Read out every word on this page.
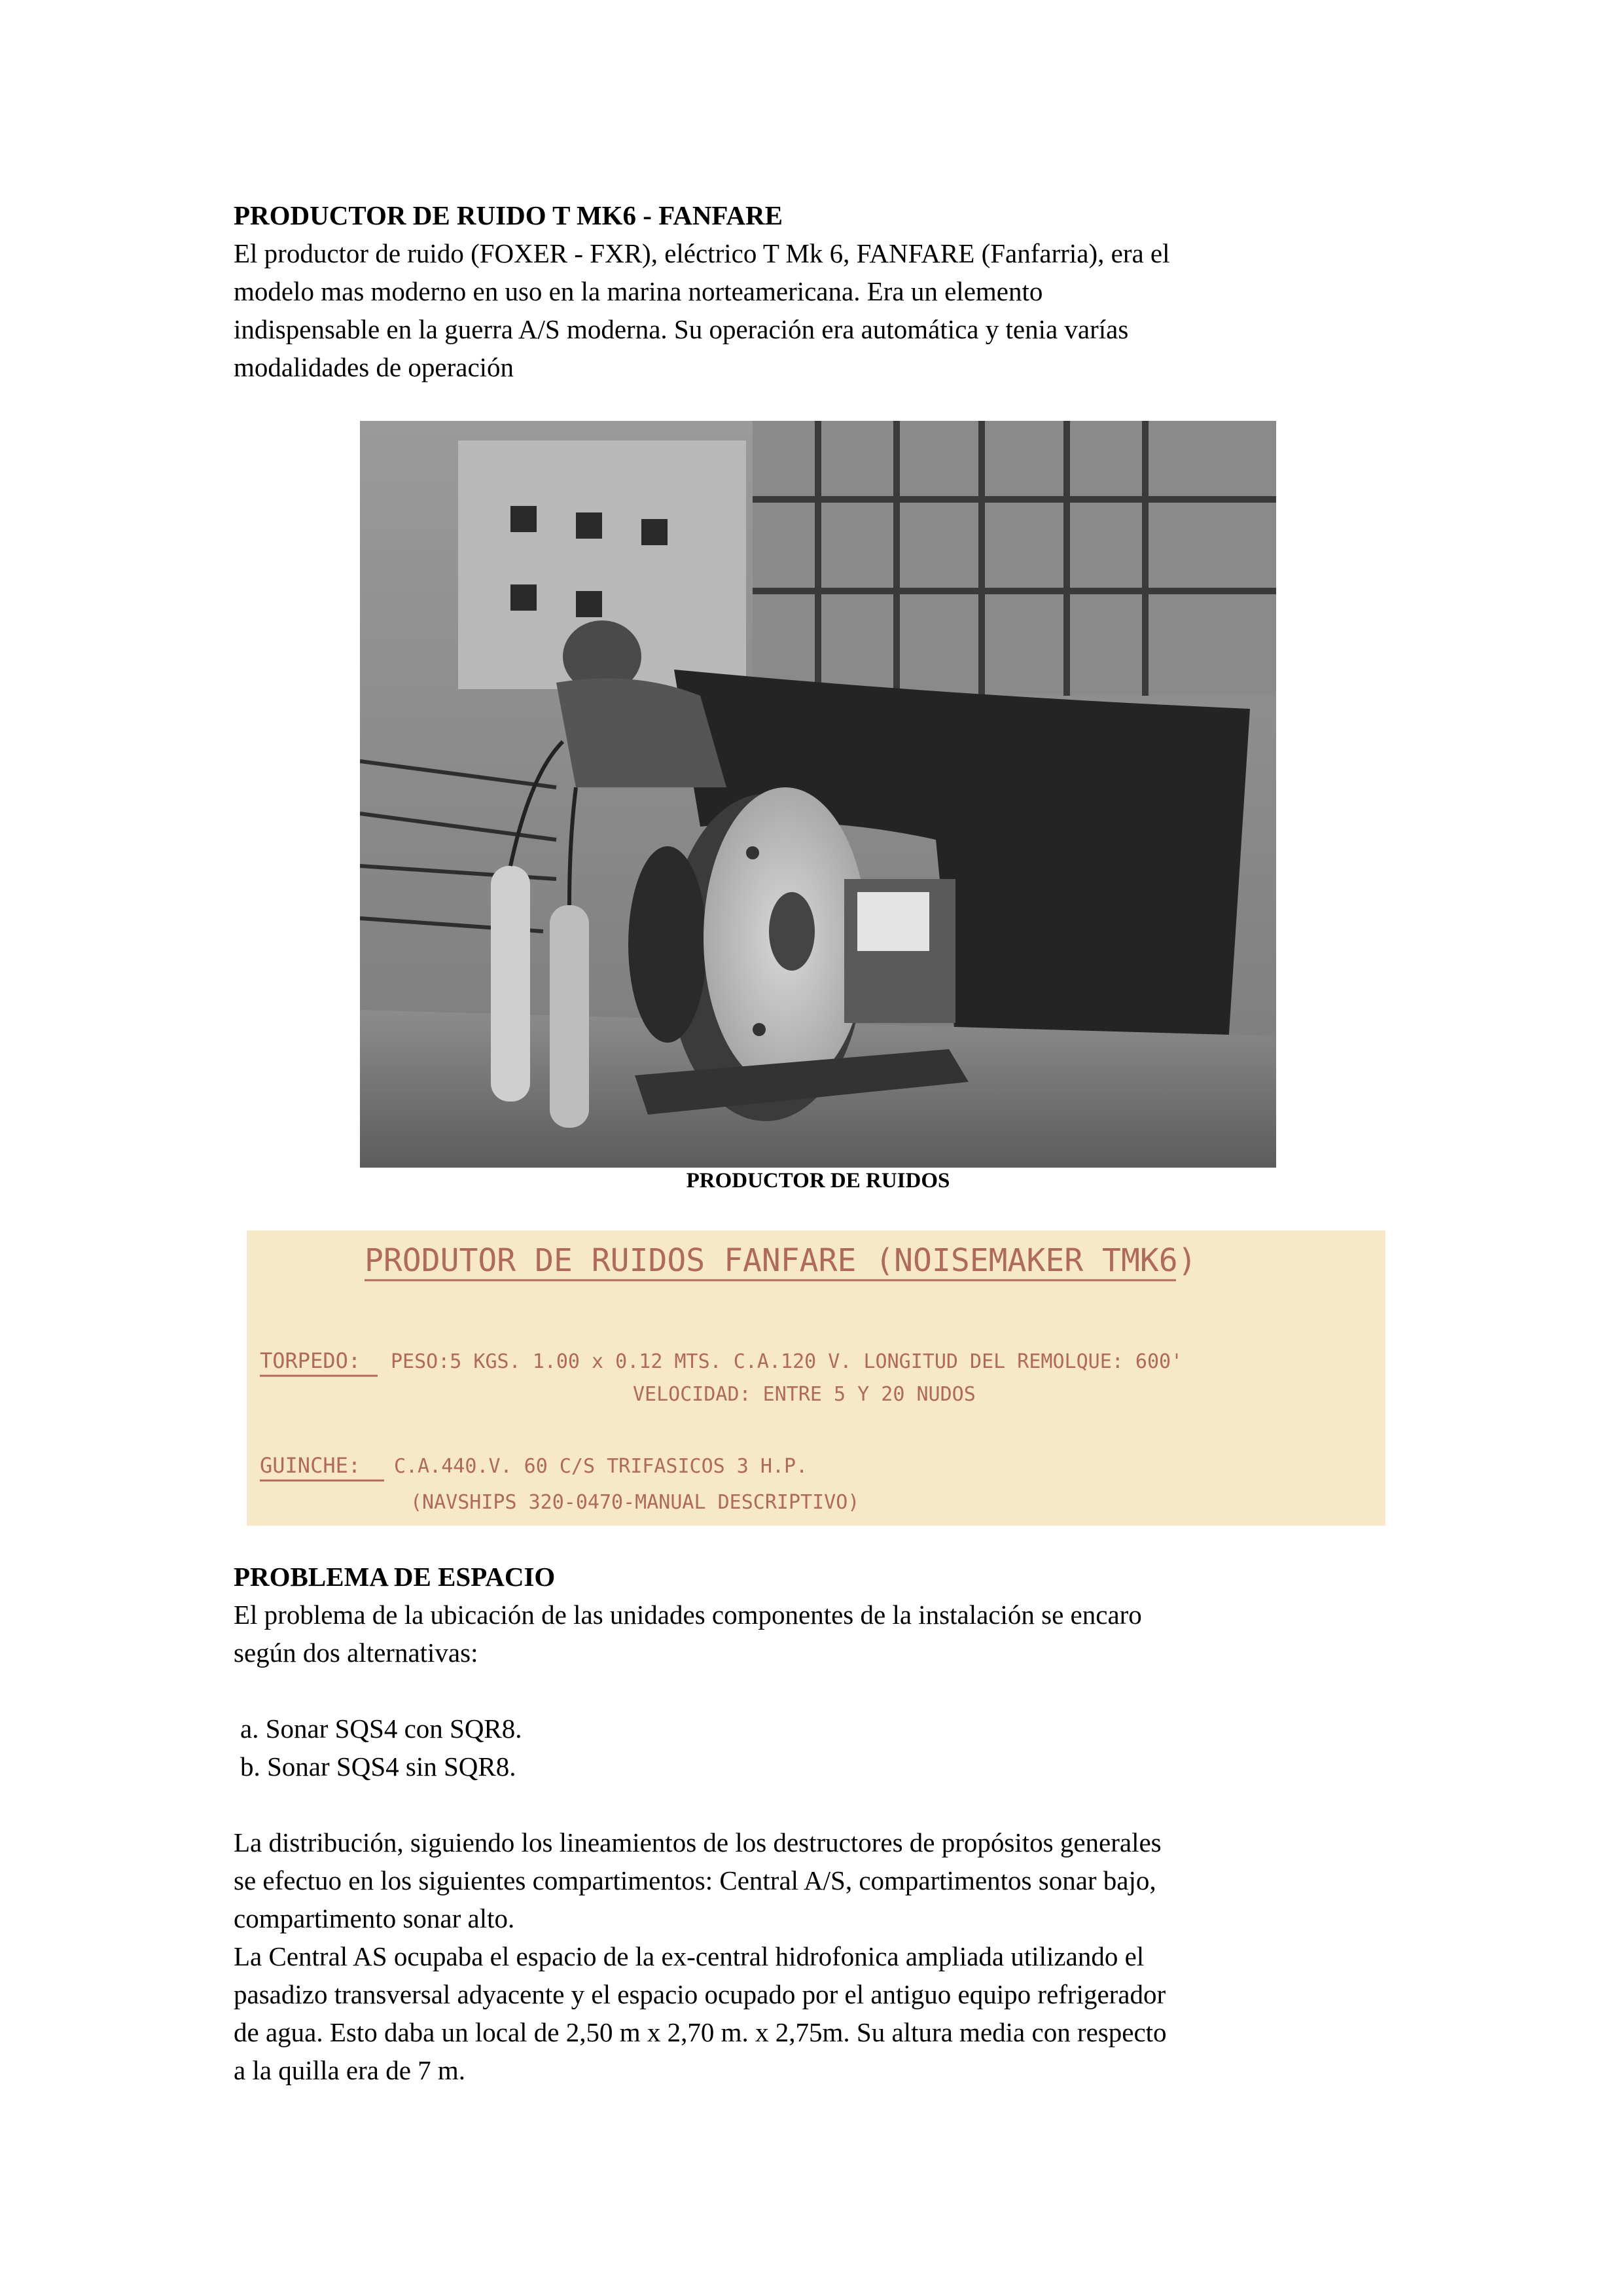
PRODUCTOR DE RUIDO T MK6 - FANFARE

El productor de ruido (FOXER - FXR), eléctrico T Mk 6, FANFARE (Fanfarria), era el

modelo mas moderno en uso en la marina norteamericana. Era un elemento

indispensable en la guerra A/S moderna. Su operación era automática y tenia varías

modalidades de operación

PRODUCTOR DE RUIDOS
PRODUTOR DE RUIDOS FANFARE (NOISEMAKER TMK6)
TORPEDO: PESO:5 KGS. 1.00 x 0.12 MTS. C.A.120 V. LONGITUD DEL REMOLQUE: 600'
VELOCIDAD: ENTRE 5 Y 20 NUDOS
GUINCHE: C.A.440.V. 60 C/S TRIFASICOS 3 H.P.
(NAVSHIPS 320-0470-MANUAL DESCRIPTIVO)

PROBLEMA DE ESPACIO

El problema de la ubicación de las unidades componentes de la instalación se encaro

según dos alternativas:

a. Sonar SQS4 con SQR8.
b. Sonar SQS4 sin SQR8.

La distribución, siguiendo los lineamientos de los destructores de propósitos generales

se efectuo en los siguientes compartimentos: Central A/S, compartimentos sonar bajo,

compartimento sonar alto.

La Central AS ocupaba el espacio de la ex-central hidrofonica ampliada utilizando el

pasadizo transversal adyacente y el espacio ocupado por el antiguo equipo refrigerador

de agua. Esto daba un local de 2,50 m x 2,70 m. x 2,75m. Su altura media con respecto

a la quilla era de 7 m.
